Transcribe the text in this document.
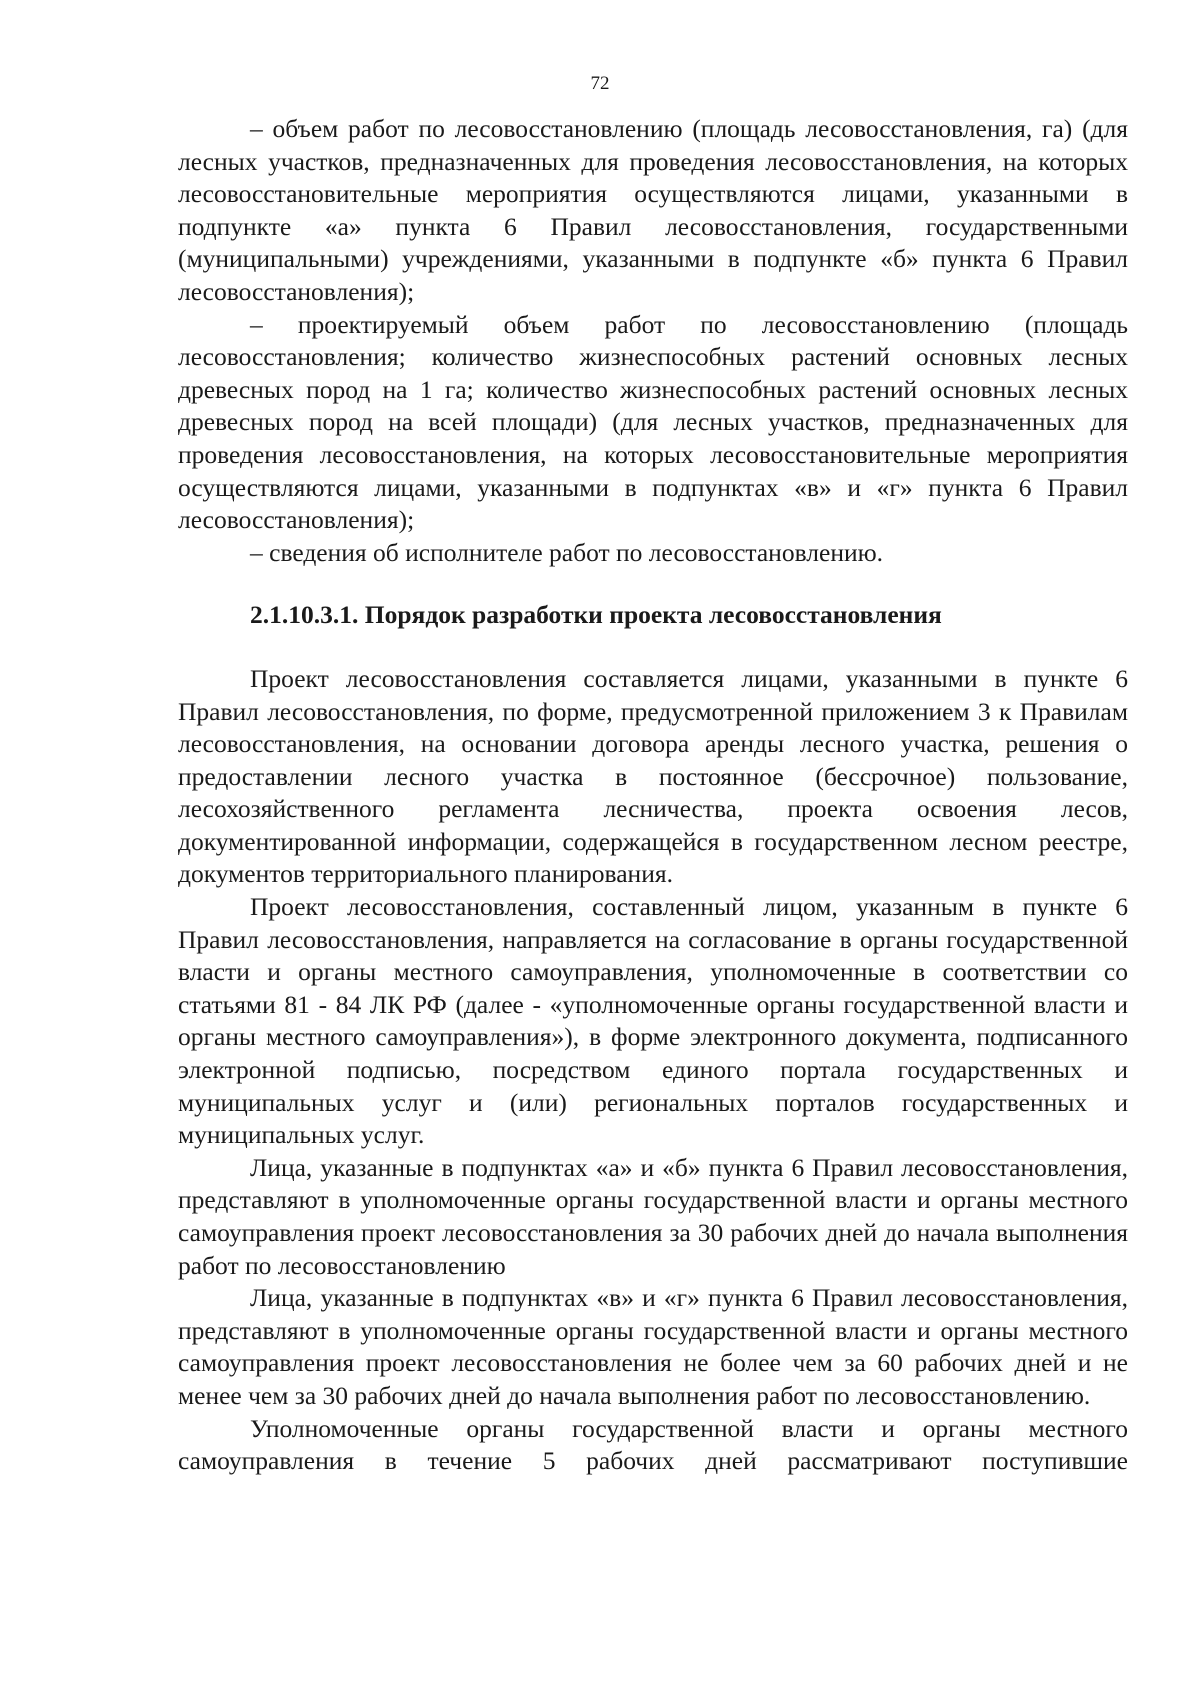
72

– объем работ по лесовосстановлению (площадь лесовосстановления, га) (для лесных участков, предназначенных для проведения лесовосстановления, на которых лесовосстановительные мероприятия осуществляются лицами, указанными в подпункте «а» пункта 6 Правил лесовосстановления, государственными (муниципальными) учреждениями, указанными в подпункте «б» пункта 6 Правил лесовосстановления);

– проектируемый объем работ по лесовосстановлению (площадь лесовосстановления; количество жизнеспособных растений основных лесных древесных пород на 1 га; количество жизнеспособных растений основных лесных древесных пород на всей площади) (для лесных участков, предназначенных для проведения лесовосстановления, на которых лесовосстановительные мероприятия осуществляются лицами, указанными в подпунктах «в» и «г» пункта 6 Правил лесовосстановления);

– сведения об исполнителе работ по лесовосстановлению.

2.1.10.3.1. Порядок разработки проекта лесовосстановления

Проект лесовосстановления составляется лицами, указанными в пункте 6 Правил лесовосстановления, по форме, предусмотренной приложением 3 к Правилам лесовосстановления, на основании договора аренды лесного участка, решения о предоставлении лесного участка в постоянное (бессрочное) пользование, лесохозяйственного регламента лесничества, проекта освоения лесов, документированной информации, содержащейся в государственном лесном реестре, документов территориального планирования.

Проект лесовосстановления, составленный лицом, указанным в пункте 6 Правил лесовосстановления, направляется на согласование в органы государственной власти и органы местного самоуправления, уполномоченные в соответствии со статьями 81 - 84 ЛК РФ (далее - «уполномоченные органы государственной власти и органы местного самоуправления»), в форме электронного документа, подписанного электронной подписью, посредством единого портала государственных и муниципальных услуг и (или) региональных порталов государственных и муниципальных услуг.

Лица, указанные в подпунктах «а» и «б» пункта 6 Правил лесовосстановления, представляют в уполномоченные органы государственной власти и органы местного самоуправления проект лесовосстановления за 30 рабочих дней до начала выполнения работ по лесовосстановлению

Лица, указанные в подпунктах «в» и «г» пункта 6 Правил лесовосстановления, представляют в уполномоченные органы государственной власти и органы местного самоуправления проект лесовосстановления не более чем за 60 рабочих дней и не менее чем за 30 рабочих дней до начала выполнения работ по лесовосстановлению.

Уполномоченные органы государственной власти и органы местного самоуправления в течение 5 рабочих дней рассматривают поступившие
